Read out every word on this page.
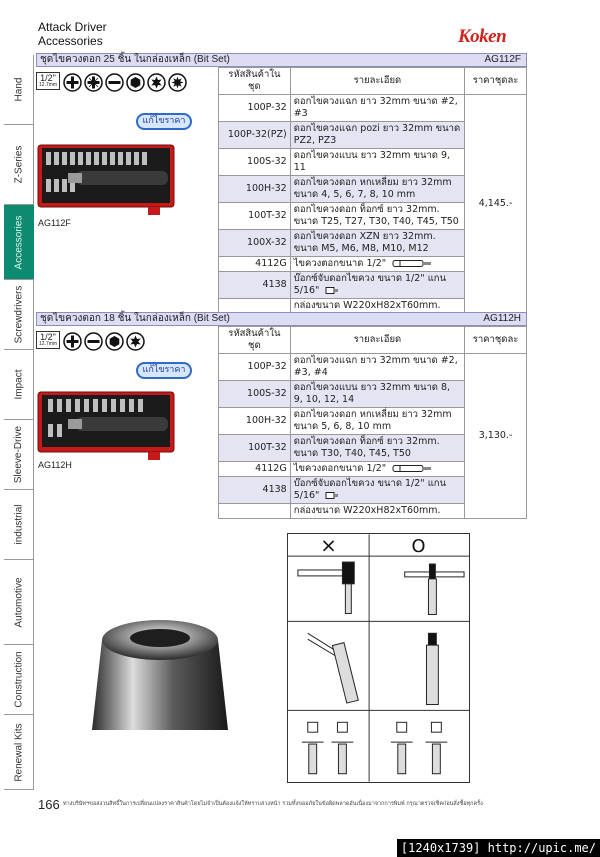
Attack Driver
Accessories	Koken
Hand
Z-Series
Accessories
Screwdrivers
Impact
Sleeve-Drive
industrial
Automotive
Construction
Renewal Kits
ชุดไขควงตอก 25 ชิ้น ในกล่องเหล็ก (Bit Set)	AG112F
1/2"
12.7mm
แก้ไขราคา
AG112F
รหัสสินค้าในชุด	รายละเอียด	ราคาชุดละ
100P-32	ดอกไขควงแฉก ยาว 32mm ขนาด #2, #3	4,145.-
100P-32(PZ)	ดอกไขควงแฉก pozi ยาว 32mm ขนาด PZ2, PZ3	
100S-32	ดอกไขควงแบน ยาว 32mm ขนาด 9, 11	
100H-32	ดอกไขควงดอก หกเหลี่ยม ยาว 32mm ขนาด 4, 5, 6, 7, 8, 10 mm	
100T-32	ดอกไขควงดอก ท็อกซ์ ยาว 32mm. ขนาด T25, T27, T30, T40, T45, T50	
100X-32	ดอกไขควงดอก XZN ยาว 32mm. ขนาด M5, M6, M8, M10, M12	
4112G	ไขควงตอกขนาด 1/2"	
4138	บ๊อกซ์จับดอกไขควง ขนาด 1/2" แกน 5/16"	
	กล่องขนาด W220xH82xT60mm.	
ชุดไขควงตอก 18 ชิ้น ในกล่องเหล็ก (Bit Set)	AG112H
1/2"
12.7mm
แก้ไขราคา
AG112H
รหัสสินค้าในชุด	รายละเอียด	ราคาชุดละ
100P-32	ดอกไขควงแฉก ยาว 32mm ขนาด #2, #3, #4	3,130.-
100S-32	ดอกไขควงแบน ยาว 32mm ขนาด 8, 9, 10, 12, 14	
100H-32	ดอกไขควงดอก หกเหลี่ยม ยาว 32mm ขนาด 5, 6, 8, 10 mm	
100T-32	ดอกไขควงดอก ท็อกซ์ ยาว 32mm. ขนาด T30, T40, T45, T50	
4112G	ไขควงดอกขนาด 1/2"	
4138	บ๊อกซ์จับดอกไขควง ขนาด 1/2" แกน 5/16"	
	กล่องขนาด W220xH82xT60mm.	
×	O
166 ทางบริษัทฯขอสงวนสิทธิ์ในการเปลี่ยนแปลงราคาสินค้าโดยไม่จำเป็นต้องแจ้งให้ทราบล่วงหน้า รวมทั้งขออภัยในข้อผิดพลาดอันเนื่องมาจากการพิมพ์ กรุณาตรวจเช็คก่อนสั่งซื้อทุกครั้ง
[1240x1739] http://upic.me/
